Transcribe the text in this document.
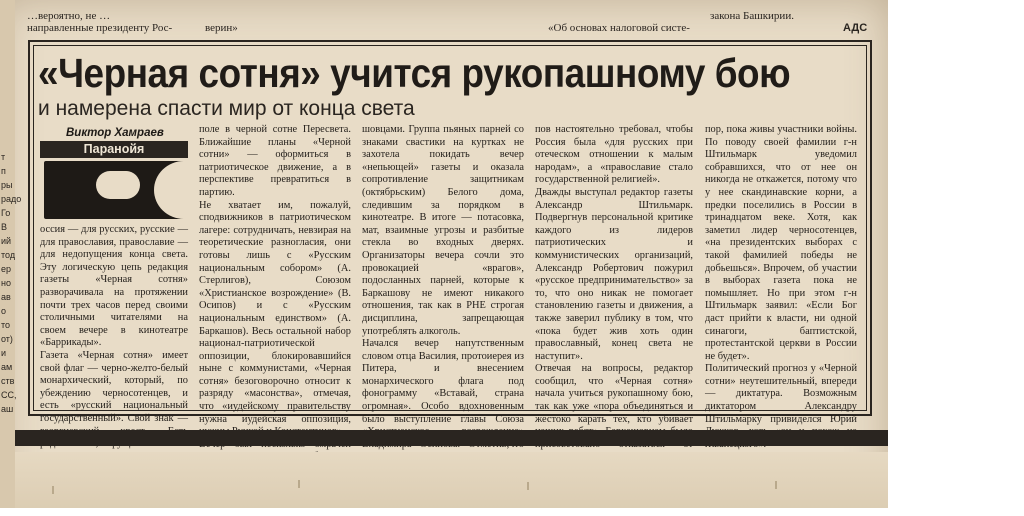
т
п
ры
радо
Го
В
ий
тод
ер
но
ав
о
то
от)
и
ам
ств
СС,
аш
…вероятно, не …
направленные президенту Рос-	верин»	«Об основах налоговой систе-
закона Башкирии.
АДС
«Черная сотня» учится рукопашному бою
и намерена спасти мир от конца света
Виктор Хамраев
Паранойя
оссия — для русских, русские — для православия, православие — для недопущения конца света. Эту логическую цепь редакция газеты «Черная сотня» разворачивала на протяжении почти трех часов перед своими столичными читателями на своем вечере в кинотеатре «Баррикады».
Газета «Черная сотня» имеет свой флаг — черно-желто-белый монархический, который, по убеждению черносотенцев, и есть «русский национальный государственный». Свой знак —
поле в черной сотне Пересвета. Ближайшие планы «Черной сотни» — оформиться в патриотическое движение, а в перспективе превратиться в партию.
Не хватает им, пожалуй, сподвижников в патриотическом лагере: сотрудничать, невзирая на теоретические разногласия, они готовы лишь с «Русским национальным собором» (А. Стерлигов), Союзом «Христианское возрождение» (В. Осипов) и с «Русским национальным единством» (А. Баркашов). Весь остальной набор национал-патриотической оппозиции, блокировавшийся ныне с коммунистами, «Черная сотня» безоговорочно относит к разряду «масонства», отмечая, что «иудейскому правительству нужна иудейская оппозиция,

шовцами. Группа пьяных парней со знаками свастики на куртках не захотела покидать вечер «непьющей» газеты и оказала сопротивление защитникам (октябрьским) Белого дома, следившим за порядком в кинотеатре. В итоге — потасовка, мат, взаимные угрозы и разбитые стекла во входных дверях. Организаторы вечера сочли это провокацией «врагов», подосланных парней, которые к Баркашову не имеют никакого отношения, так как в РНЕ строгая дисциплина, запрещающая употреблять алкоголь.
Начался вечер напутственным словом отца Василия, протоиерея из Питера, и внесением монархического флага под фонограмму «Вставай, страна огромная». Особо вдохновенным было выступление главы Союза
пов настоятельно требовал, чтобы Россия была «для русских при отеческом отношении к малым народам», а «православие стало государственной религией».
Дважды выступал редактор газеты Александр Штильмарк. Подвергнув персональной критике каждого из лидеров патриотических и коммунистических организаций, Александр Робертович пожурил «русское предпринимательство» за то, что оно никак не помогает становлению газеты и движения, а также заверил публику в том, что «пока будет жив хоть один православный, конец света не наступит».
Отвечая на вопросы, редактор сообщил, что «Черная сотня» начала учиться рукопашному бою, так как уже «пора объединяться и жестоко карать тех, кто убивает
пор, пока живы участники войны. По поводу своей фамилии г-н Штильмарк уведомил собравшихся, что от нее он никогда не откажется, потому что у нее скандинавские корни, а предки поселились в России в тринадцатом веке. Хотя, как заметил лидер черносотенцев, «на президентских выборах с такой фамилией победы не добьешься». Впрочем, об участии в выборах газета пока не помышляет. Но при этом г-н Штильмарк заявил: «Если Бог даст прийти к власти, ни одной синагоги, баптистской, протестантской церкви в России не будет».
Политический прогноз у «Черной сотни» неутешительный, впереди — диктатура. Возможным диктатором Александру Штильмарку привиделся Юрий
